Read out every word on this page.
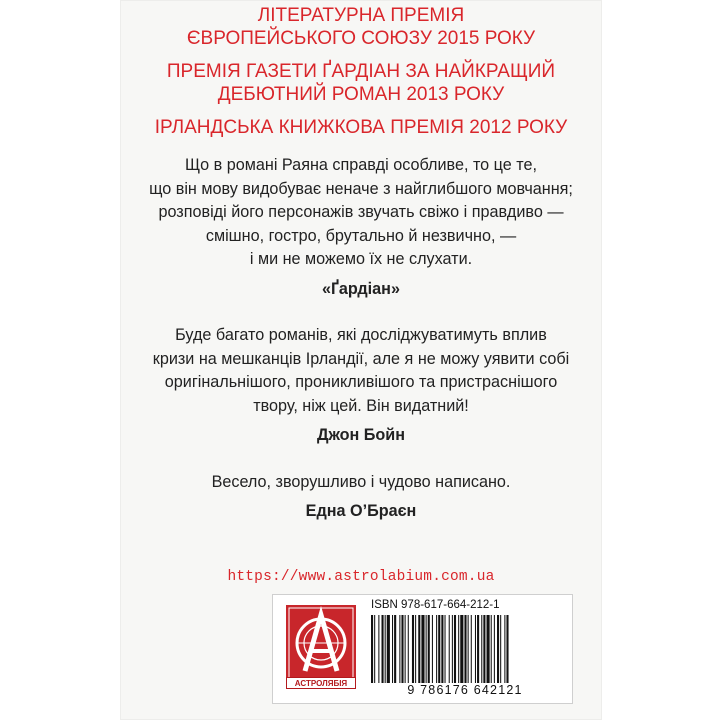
ЛІТЕРАТУРНА ПРЕМІЯ
ЄВРОПЕЙСЬКОГО СОЮЗУ 2015 РОКУ
ПРЕМІЯ ГАЗЕТИ ҐАРДІАН ЗА НАЙКРАЩИЙ
ДЕБЮТНИЙ РОМАН 2013 РОКУ
ІРЛАНДСЬКА КНИЖКОВА ПРЕМІЯ 2012 РОКУ

Що в романі Раяна справді особливе, то це те,

що він мову видобуває неначе з найглибшого мовчання;

розповіді його персонажів звучать свіжо і правдиво —

смішно, гостро, брутально й незвично, —

і ми не можемо їх не слухати.

«Ґардіан»

Буде багато романів, які досліджуватимуть вплив

кризи на мешканців Ірландії, але я не можу уявити собі

оригінальнішого, проникливішого та пристраснішого

твору, ніж цей. Він видатний!

Джон Бойн

Весело, зворушливо і чудово написано.

Една О’Браєн
https://www.astrolabium.com.ua
АСТРОЛЯБІЯ
ISBN 978-617-664-212-1
9 786176 642121
